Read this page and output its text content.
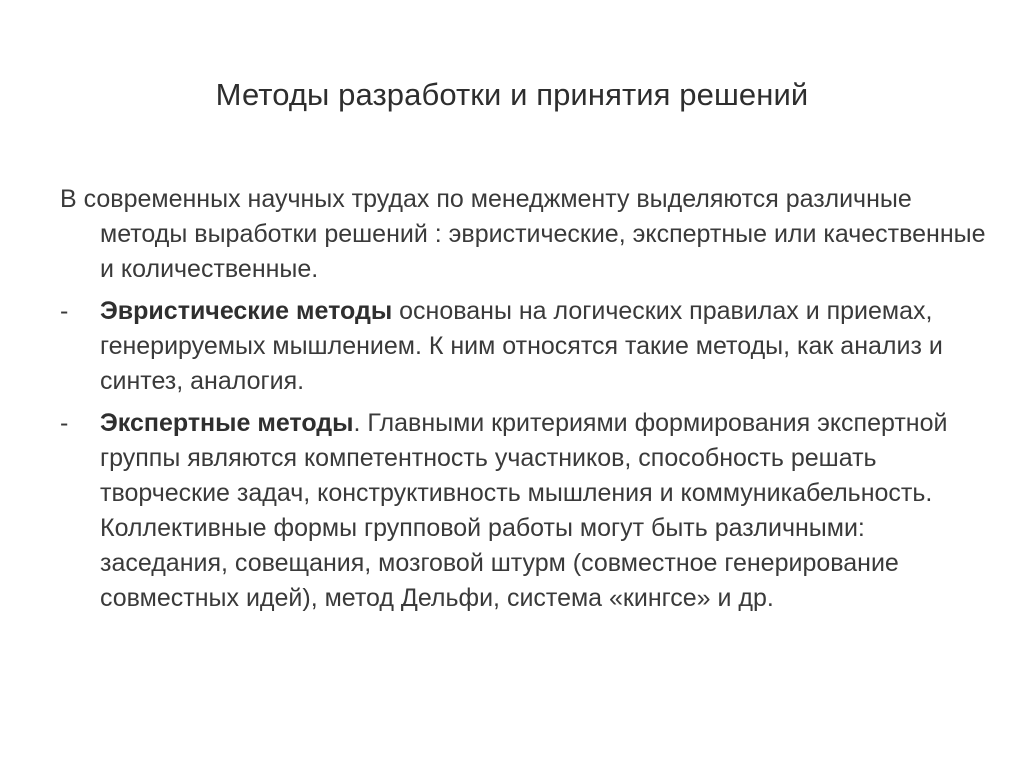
Методы разработки и принятия решений
В современных научных трудах по менеджменту выделяются различные методы выработки решений : эвристические, экспертные или качественные и количественные.
-	Эвристические методы основаны на логических правилах и приемах, генерируемых мышлением. К ним относятся такие методы, как анализ и синтез, аналогия.
-	Экспертные методы. Главными критериями формирования экспертной группы являются компетентность участников, способность решать творческие задач, конструктивность мышления и коммуникабельность. Коллективные формы групповой работы могут быть различными: заседания, совещания, мозговой штурм (совместное генерирование совместных идей), метод Дельфи, система «кингсе» и др.
